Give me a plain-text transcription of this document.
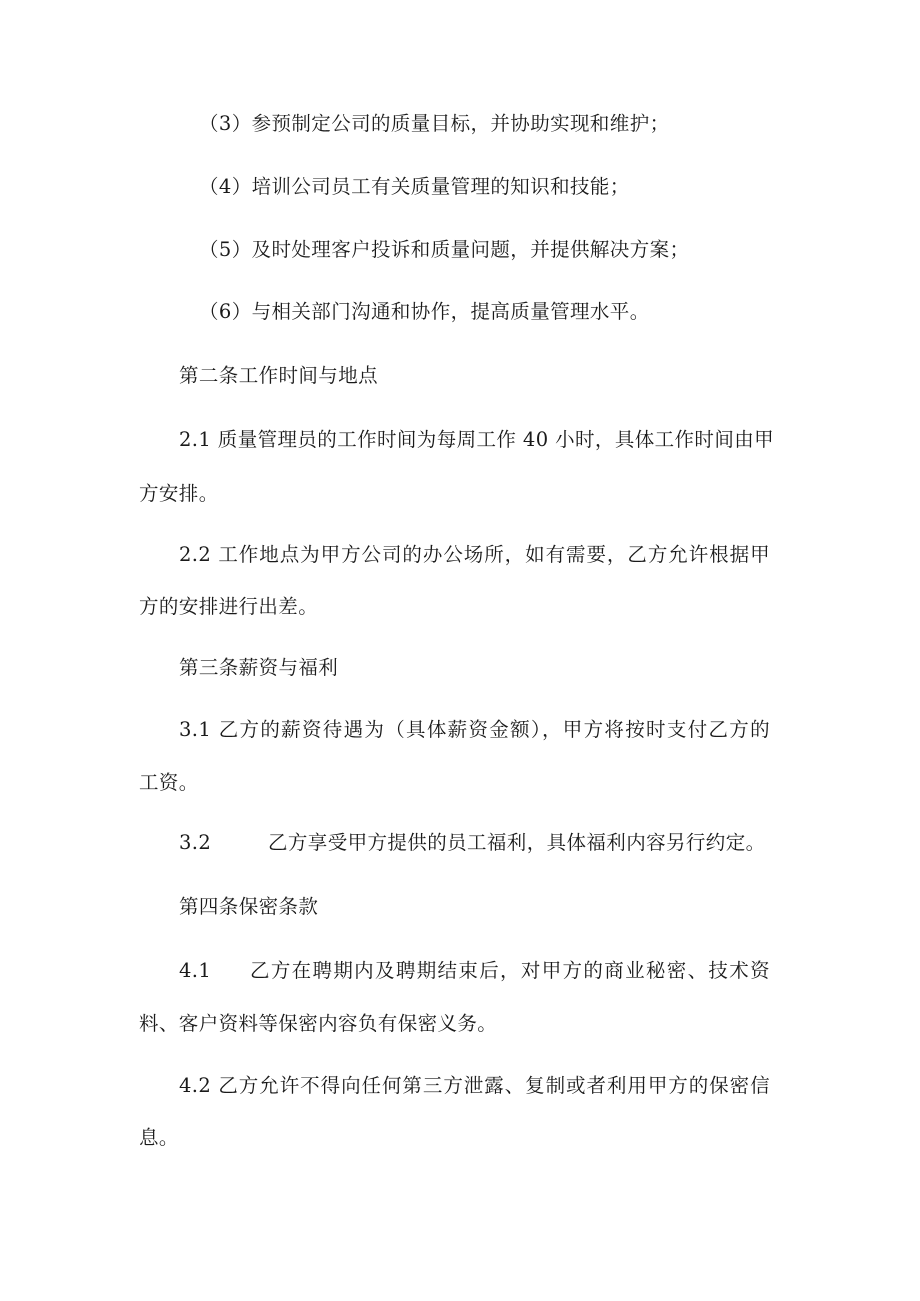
（3）参预制定公司的质量目标，并协助实现和维护；
（4）培训公司员工有关质量管理的知识和技能；
（5）及时处理客户投诉和质量问题，并提供解决方案；
（6）与相关部门沟通和协作，提高质量管理水平。
第二条工作时间与地点
2.1 质量管理员的工作时间为每周工作 40 小时，具体工作时间由甲
方安排。
2.2 工作地点为甲方公司的办公场所，如有需要，乙方允许根据甲
方的安排进行出差。
第三条薪资与福利
3.1 乙方的薪资待遇为（具体薪资金额），甲方将按时支付乙方的
工资。
3.2	乙方享受甲方提供的员工福利，具体福利内容另行约定。
第四条保密条款
4.1 乙方在聘期内及聘期结束后，对甲方的商业秘密、技术资
料、客户资料等保密内容负有保密义务。
4.2 乙方允许不得向任何第三方泄露、复制或者利用甲方的保密信
息。
